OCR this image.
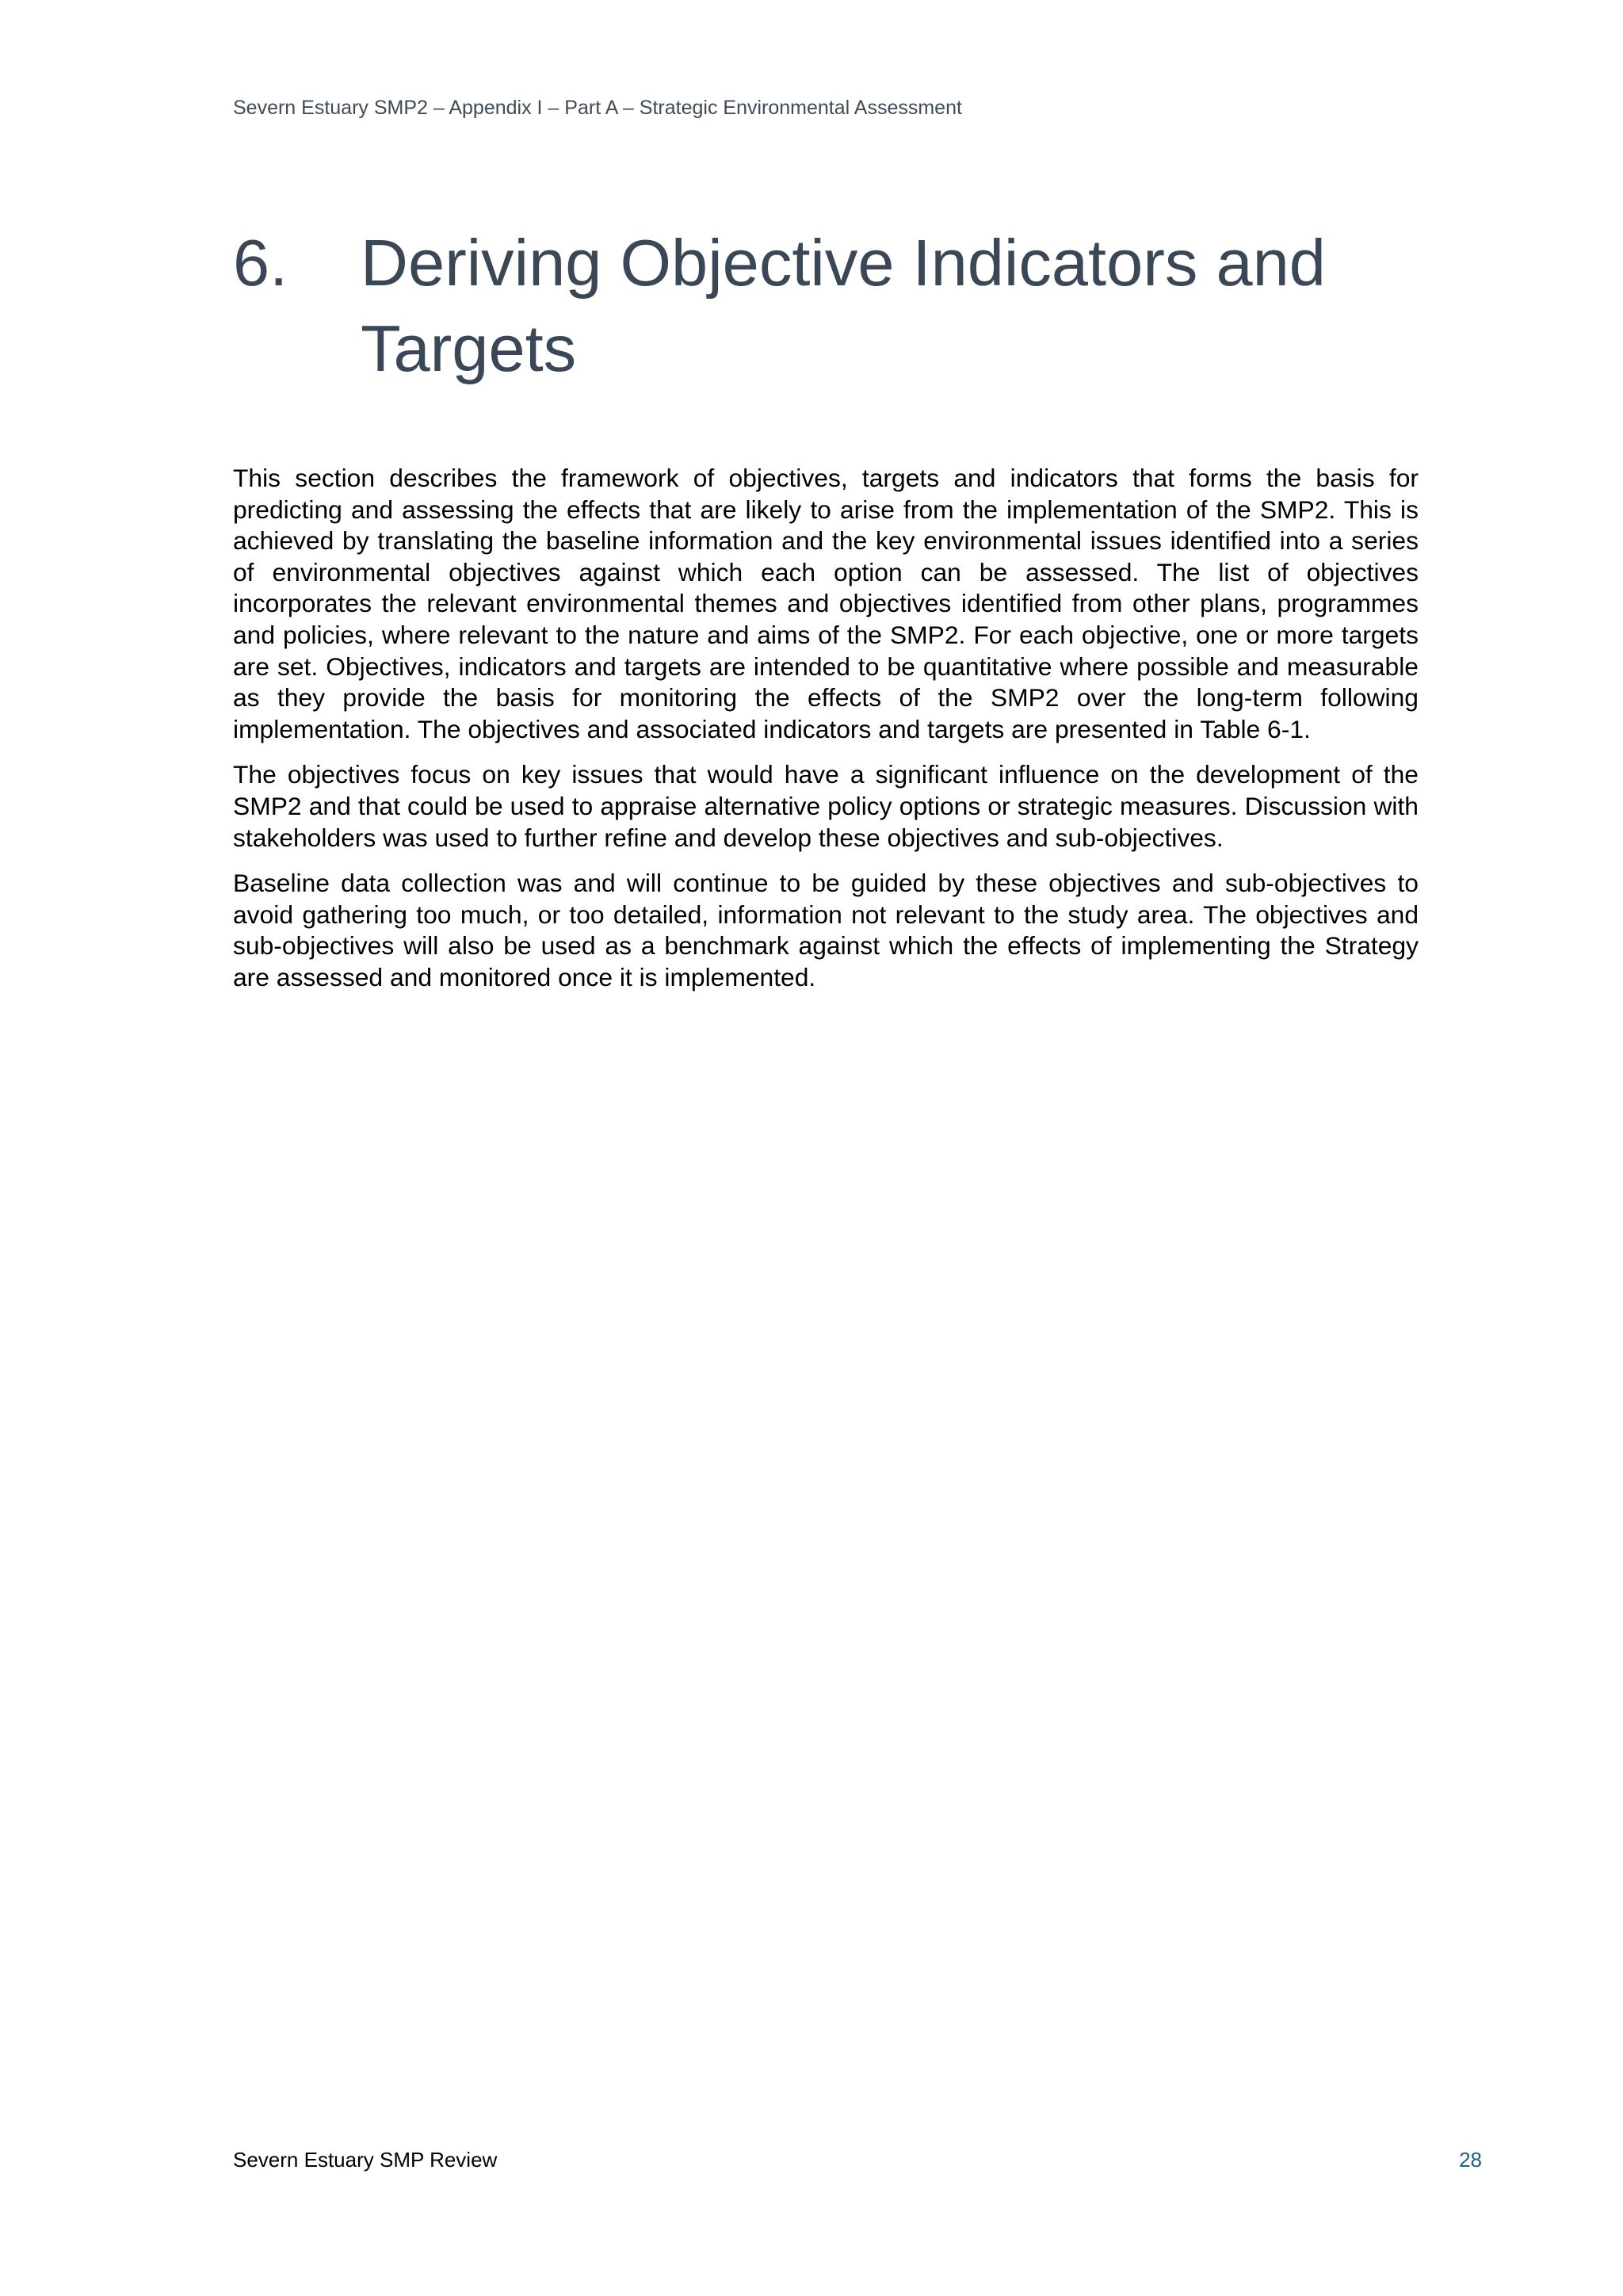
Severn Estuary SMP2 – Appendix I – Part A – Strategic Environmental Assessment
6. Deriving Objective Indicators and Targets

This section describes the framework of objectives, targets and indicators that forms the basis for predicting and assessing the effects that are likely to arise from the implementation of the SMP2. This is achieved by translating the baseline information and the key environmental issues identified into a series of environmental objectives against which each option can be assessed. The list of objectives incorporates the relevant environmental themes and objectives identified from other plans, programmes and policies, where relevant to the nature and aims of the SMP2. For each objective, one or more targets are set. Objectives, indicators and targets are intended to be quantitative where possible and measurable as they provide the basis for monitoring the effects of the SMP2 over the long-term following implementation. The objectives and associated indicators and targets are presented in Table 6-1.

The objectives focus on key issues that would have a significant influence on the development of the SMP2 and that could be used to appraise alternative policy options or strategic measures. Discussion with stakeholders was used to further refine and develop these objectives and sub-objectives.

Baseline data collection was and will continue to be guided by these objectives and sub-objectives to avoid gathering too much, or too detailed, information not relevant to the study area. The objectives and sub-objectives will also be used as a benchmark against which the effects of implementing the Strategy are assessed and monitored once it is implemented.

Severn Estuary SMP Review	28
